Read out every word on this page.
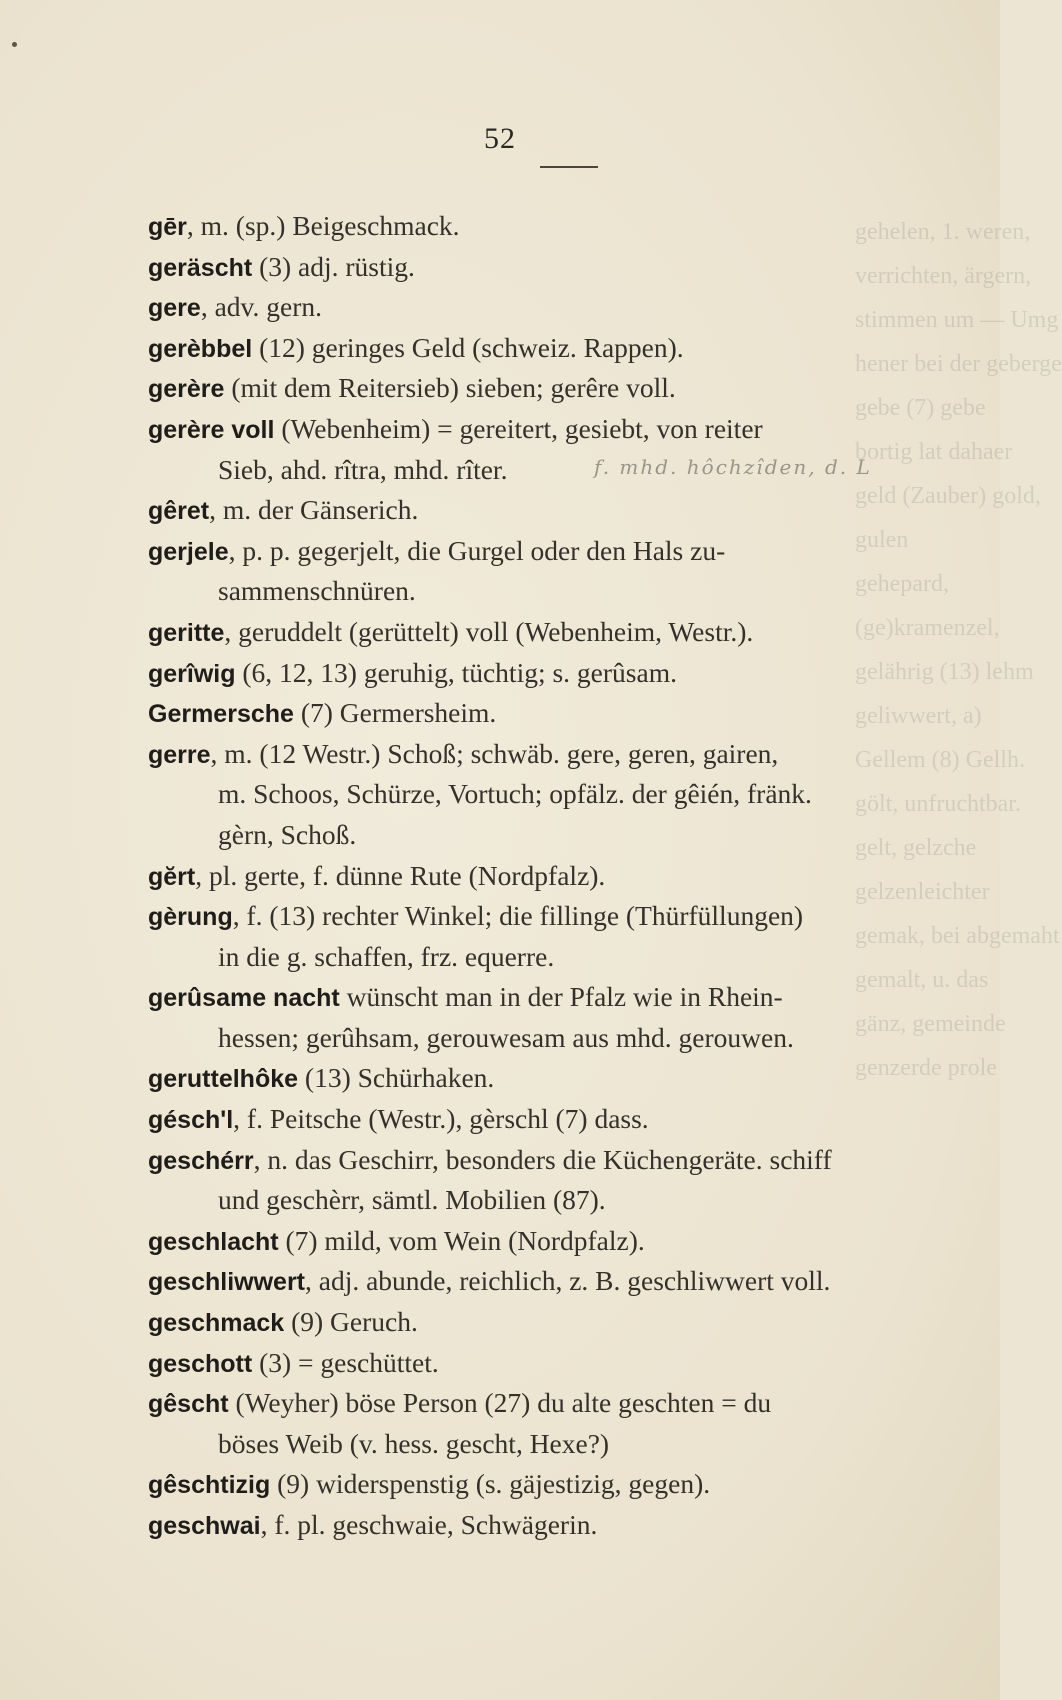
52
gehelen, 1. weren,
verrichten, ärgern,
stimmen um — Umg
hener bei der geberge
gebe (7) gebe
bortig lat dahaer
geld (Zauber) gold,
gulen
gehepard,
(ge)kramenzel,
gelährig (13) lehm
geliwwert, a)
Gellem (8) Gellh.
gölt, unfruchtbar.
gelt, gelzche
gelzenleichter
gemak, bei abgemaht
gemalt, u. das
gänz, gemeinde
genzerde prole
f. mhd. hôchzîden, d. L
gēr, m. (sp.) Beigeschmack.
geräscht (3) adj. rüstig.
gere, adv. gern.
gerèbbel (12) geringes Geld (schweiz. Rappen).
gerère (mit dem Reitersieb) sieben; gerêre voll.
gerère voll (Webenheim) = gereitert, gesiebt, von reiter
Sieb, ahd. rîtra, mhd. rîter.
gêret, m. der Gänserich.
gerjele, p. p. gegerjelt, die Gurgel oder den Hals zu-
sammenschnüren.
geritte, geruddelt (gerüttelt) voll (Webenheim, Westr.).
gerîwig (6, 12, 13) geruhig, tüchtig; s. gerûsam.
Germersche (7) Germersheim.
gerre, m. (12 Westr.) Schoß; schwäb. gere, geren, gairen,
m. Schoos, Schürze, Vortuch; opfälz. der gêién, fränk.
gèrn, Schoß.
gĕrt, pl. gerte, f. dünne Rute (Nordpfalz).
gèrung, f. (13) rechter Winkel; die fillinge (Thürfüllungen)
in die g. schaffen, frz. equerre.
gerûsame nacht wünscht man in der Pfalz wie in Rhein-
hessen; gerûhsam, gerouwesam aus mhd. gerouwen.
geruttelhôke (13) Schürhaken.
gésch'l, f. Peitsche (Westr.), gèrschl (7) dass.
geschérr, n. das Geschirr, besonders die Küchengeräte. schiff
und geschèrr, sämtl. Mobilien (87).
geschlacht (7) mild, vom Wein (Nordpfalz).
geschliwwert, adj. abunde, reichlich, z. B. geschliwwert voll.
geschmack (9) Geruch.
geschott (3) = geschüttet.
gêscht (Weyher) böse Person (27) du alte geschten = du
böses Weib (v. hess. gescht, Hexe?)
gêschtizig (9) widerspenstig (s. gäjestizig, gegen).
geschwai, f. pl. geschwaie, Schwägerin.
